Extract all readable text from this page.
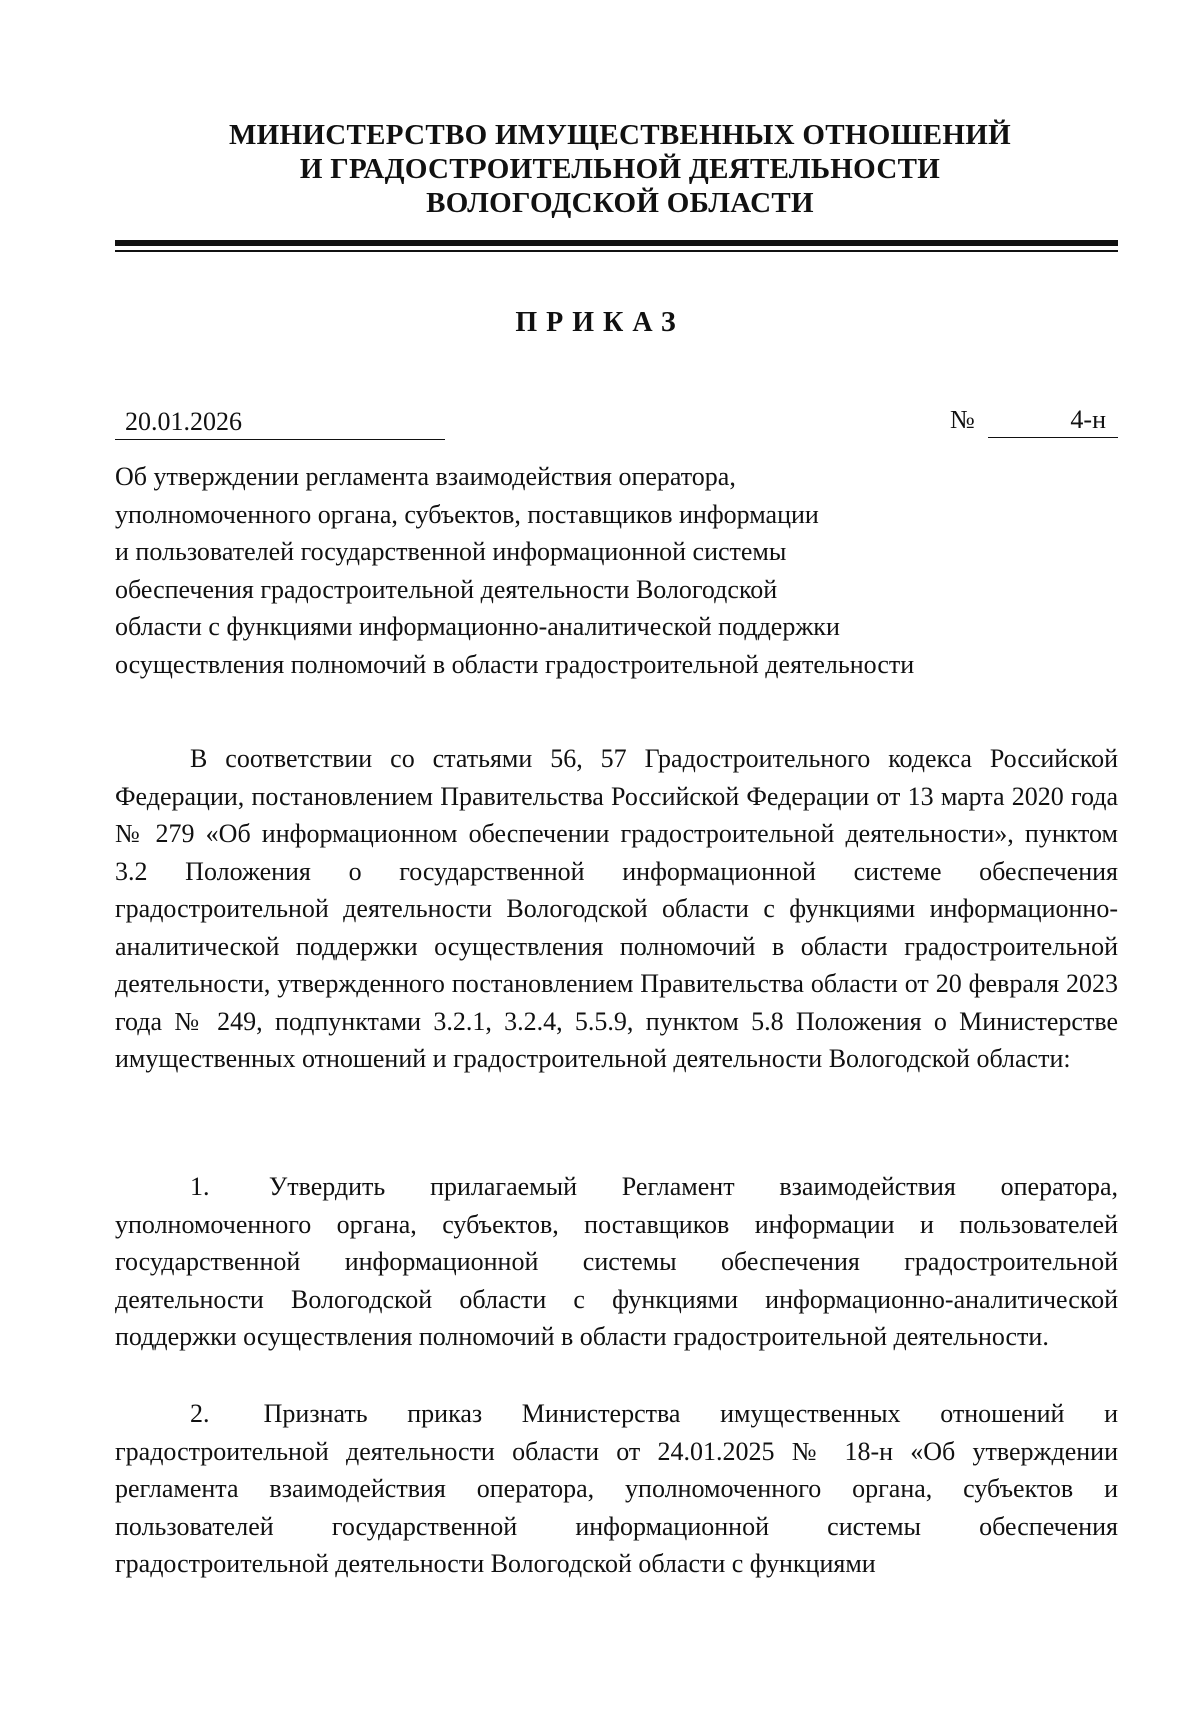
МИНИСТЕРСТВО ИМУЩЕСТВЕННЫХ ОТНОШЕНИЙ
И ГРАДОСТРОИТЕЛЬНОЙ ДЕЯТЕЛЬНОСТИ
ВОЛОГОДСКОЙ ОБЛАСТИ
ПРИКАЗ
20.01.2026	№	4-н
Об утверждении регламента взаимодействия оператора,
уполномоченного органа, субъектов, поставщиков информации
и пользователей государственной информационной системы
обеспечения градостроительной деятельности Вологодской
области с функциями информационно-аналитической поддержки
осуществления полномочий в области градостроительной деятельности

В соответствии со статьями 56, 57 Градостроительного кодекса Российской Федерации, постановлением Правительства Российской Федерации от 13 марта 2020 года № 279 «Об информационном обеспечении градостроительной деятельности», пунктом 3.2 Положения о государственной информационной системе обеспечения градостроительной деятельности Вологодской области с функциями информационно-аналитической поддержки осуществления полномочий в области градостроительной деятельности, утвержденного постановлением Правительства области от 20 февраля 2023 года № 249, подпунктами 3.2.1, 3.2.4, 5.5.9, пунктом 5.8 Положения о Министерстве имущественных отношений и градостроительной деятельности Вологодской области:

1. Утвердить прилагаемый Регламент взаимодействия оператора, уполномоченного органа, субъектов, поставщиков информации и пользователей государственной информационной системы обеспечения градостроительной деятельности Вологодской области с функциями информационно-аналитической поддержки осуществления полномочий в области градостроительной деятельности.

2. Признать приказ Министерства имущественных отношений и градостроительной деятельности области от 24.01.2025 № 18-н «Об утверждении регламента взаимодействия оператора, уполномоченного органа, субъектов и пользователей государственной информационной системы обеспечения градостроительной деятельности Вологодской области с функциями
